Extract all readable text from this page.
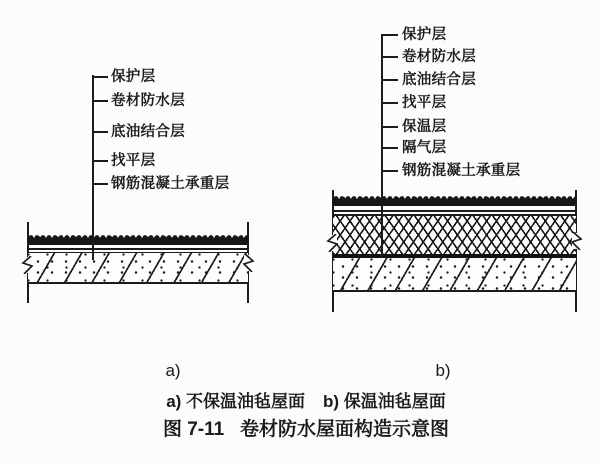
保护层
卷材防水层
底油结合层
找平层
钢筋混凝土承重层
保护层
卷材防水层
底油结合层
找平层
保温层
隔气层
钢筋混凝土承重层
a)	b)
a) 不保温油毡屋面 b) 保温油毡屋面
图 7-11   卷材防水屋面构造示意图
